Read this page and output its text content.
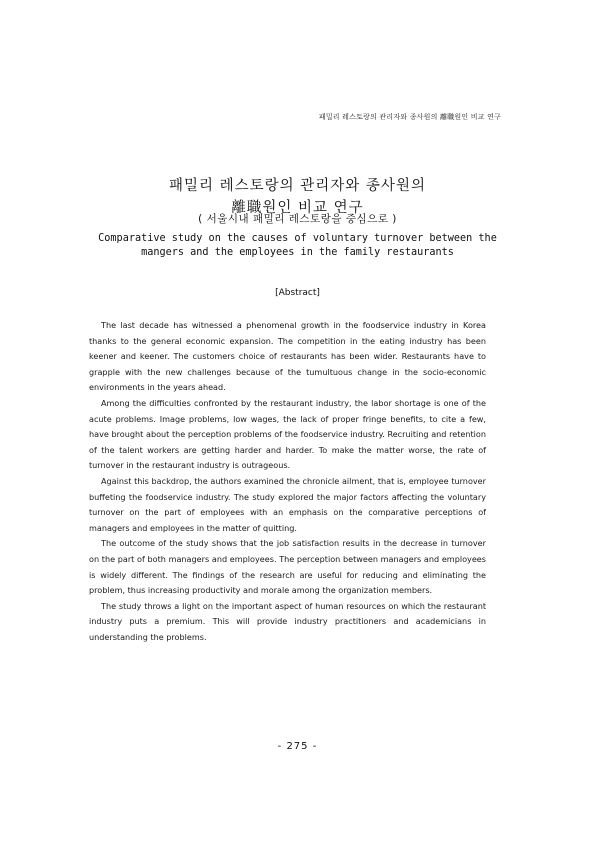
패밀리 레스토랑의 관리자와 종사원의 離職원인 비교 연구
패밀리 레스토랑의 관리자와 종사원의
離職원인 비교 연구
( 서울시내 패밀리 레스토랑을 중심으로 )
Comparative study on the causes of voluntary turnover between the
mangers and the employees in the family restaurants
[Abstract]

The last decade has witnessed a phenomenal growth in the foodservice industry in Korea thanks to the general economic expansion. The competition in the eating industry has been keener and keener. The customers choice of restaurants has been wider. Restaurants have to grapple with the new challenges because of the tumultuous change in the socio-economic environments in the years ahead.

Among the difficulties confronted by the restaurant industry, the labor shortage is one of the acute problems. Image problems, low wages, the lack of proper fringe benefits, to cite a few, have brought about the perception problems of the foodservice industry. Recruiting and retention of the talent workers are getting harder and harder. To make the matter worse, the rate of turnover in the restaurant industry is outrageous.

Against this backdrop, the authors examined the chronicle ailment, that is, employee turnover buffeting the foodservice industry. The study explored the major factors affecting the voluntary turnover on the part of employees with an emphasis on the comparative perceptions of managers and employees in the matter of quitting.

The outcome of the study shows that the job satisfaction results in the decrease in turnover on the part of both managers and employees. The perception between managers and employees is widely different. The findings of the research are useful for reducing and eliminating the problem, thus increasing productivity and morale among the organization members.

The study throws a light on the important aspect of human resources on which the restaurant industry puts a premium. This will provide industry practitioners and academicians in understanding the problems.

- 275 -
